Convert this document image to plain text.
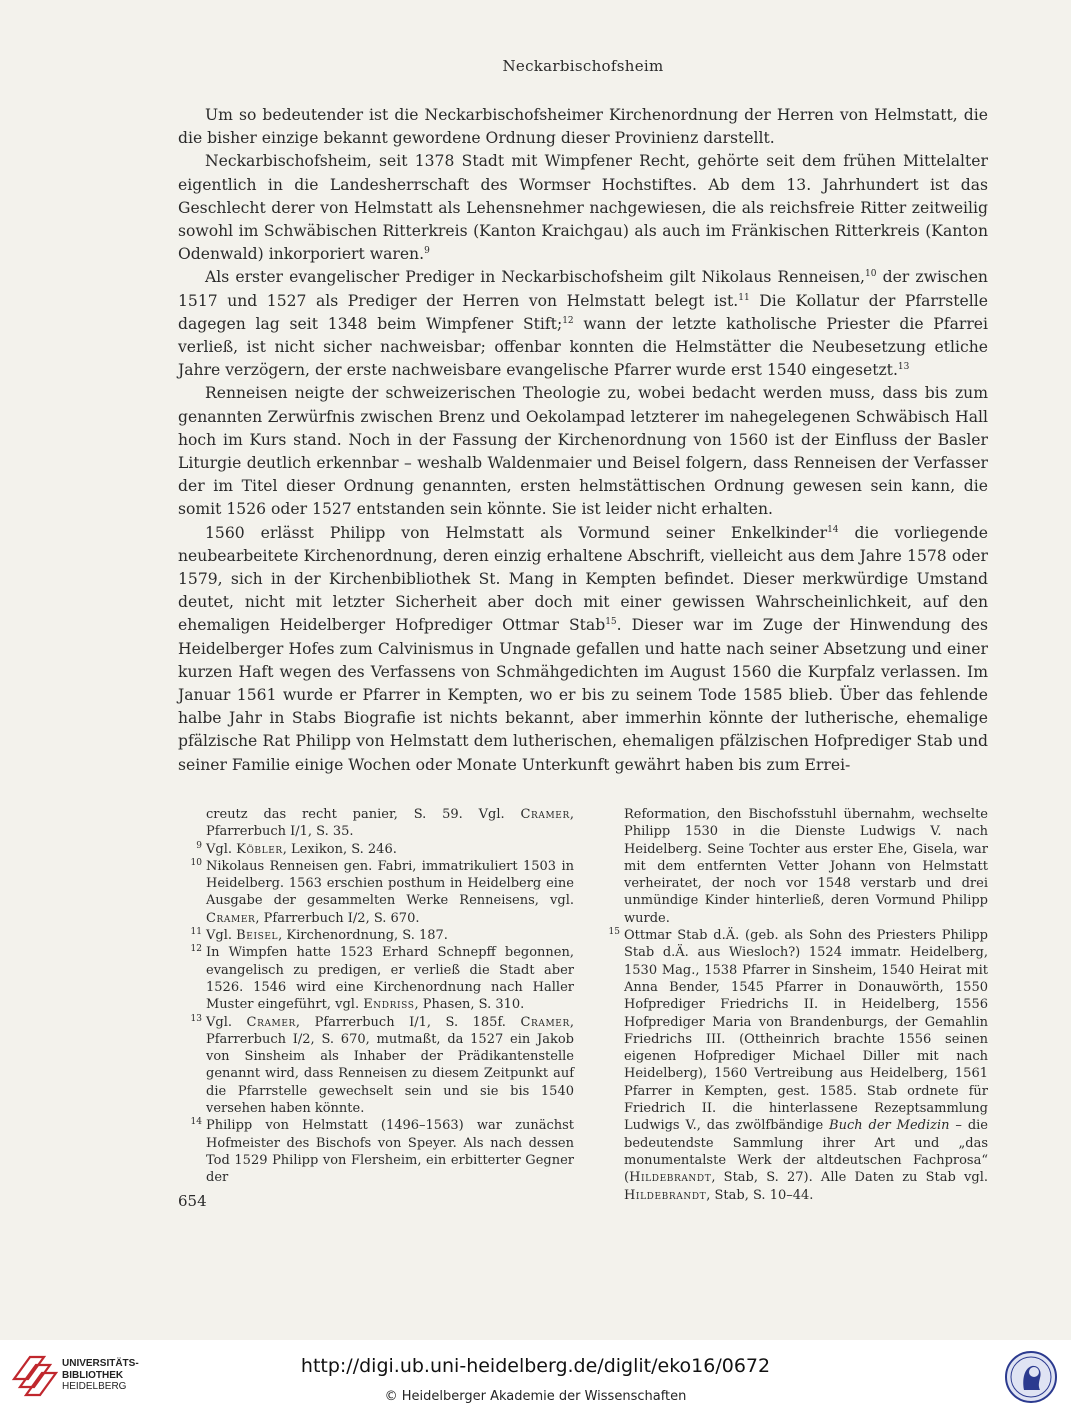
Neckarbischofsheim

Um so bedeutender ist die Neckarbischofsheimer Kirchenordnung der Herren von Helmstatt, die die bisher einzige bekannt gewordene Ordnung dieser Provinienz darstellt.

Neckarbischofsheim, seit 1378 Stadt mit Wimpfener Recht, gehörte seit dem frühen Mittelalter eigentlich in die Landesherrschaft des Wormser Hochstiftes. Ab dem 13. Jahrhundert ist das Geschlecht derer von Helmstatt als Lehensnehmer nachgewiesen, die als reichsfreie Ritter zeitweilig sowohl im Schwäbischen Ritterkreis (Kanton Kraichgau) als auch im Fränkischen Ritterkreis (Kanton Odenwald) inkorporiert waren.$^9$

Als erster evangelischer Prediger in Neckarbischofsheim gilt Nikolaus Renneisen,$^{10}$ der zwischen 1517 und 1527 als Prediger der Herren von Helmstatt belegt ist.$^{11}$ Die Kollatur der Pfarrstelle dagegen lag seit 1348 beim Wimpfener Stift;$^{12}$ wann der letzte katholische Priester die Pfarrei verließ, ist nicht sicher nachweisbar; offenbar konnten die Helmstätter die Neubesetzung etliche Jahre verzögern, der erste nachweisbare evangelische Pfarrer wurde erst 1540 eingesetzt.$^{13}$

Renneisen neigte der schweizerischen Theologie zu, wobei bedacht werden muss, dass bis zum genannten Zerwürfnis zwischen Brenz und Oekolampad letzterer im nahegelegenen Schwäbisch Hall hoch im Kurs stand. Noch in der Fassung der Kirchenordnung von 1560 ist der Einfluss der Basler Liturgie deutlich erkennbar – weshalb Waldenmaier und Beisel folgern, dass Renneisen der Verfasser der im Titel dieser Ordnung genannten, ersten helmstättischen Ordnung gewesen sein kann, die somit 1526 oder 1527 entstanden sein könnte. Sie ist leider nicht erhalten.

1560 erlässt Philipp von Helmstatt als Vormund seiner Enkelkinder$^{14}$ die vorliegende neubearbeitete Kirchenordnung, deren einzig erhaltene Abschrift, vielleicht aus dem Jahre 1578 oder 1579, sich in der Kirchenbibliothek St. Mang in Kempten befindet. Dieser merkwürdige Umstand deutet, nicht mit letzter Sicherheit aber doch mit einer gewissen Wahrscheinlichkeit, auf den ehemaligen Heidelberger Hofprediger Ottmar Stab$^{15}$. Dieser war im Zuge der Hinwendung des Heidelberger Hofes zum Calvinismus in Ungnade gefallen und hatte nach seiner Absetzung und einer kurzen Haft wegen des Verfassens von Schmähgedichten im August 1560 die Kurpfalz verlassen. Im Januar 1561 wurde er Pfarrer in Kempten, wo er bis zu seinem Tode 1585 blieb. Über das fehlende halbe Jahr in Stabs Biografie ist nichts bekannt, aber immerhin könnte der lutherische, ehemalige pfälzische Rat Philipp von Helmstatt dem lutherischen, ehemaligen pfälzischen Hofprediger Stab und seiner Familie einige Wochen oder Monate Unterkunft gewährt haben bis zum Errei-

creutz das recht panier, S. 59. Vgl. Cramer, Pfarrerbuch I/1, S. 35.

9 Vgl. Köbler, Lexikon, S. 246.

10 Nikolaus Renneisen gen. Fabri, immatrikuliert 1503 in Heidelberg. 1563 erschien posthum in Heidelberg eine Ausgabe der gesammelten Werke Renneisens, vgl. Cramer, Pfarrerbuch I/2, S. 670.

11 Vgl. Beisel, Kirchenordnung, S. 187.

12 In Wimpfen hatte 1523 Erhard Schnepff begonnen, evangelisch zu predigen, er verließ die Stadt aber 1526. 1546 wird eine Kirchenordnung nach Haller Muster eingeführt, vgl. Endriss, Phasen, S. 310.

13 Vgl. Cramer, Pfarrerbuch I/1, S. 185f. Cramer, Pfarrerbuch I/2, S. 670, mutmaßt, da 1527 ein Jakob von Sinsheim als Inhaber der Prädikantenstelle genannt wird, dass Renneisen zu diesem Zeitpunkt auf die Pfarrstelle gewechselt sein und sie bis 1540 versehen haben könnte.

14 Philipp von Helmstatt (1496–1563) war zunächst Hofmeister des Bischofs von Speyer. Als nach dessen Tod 1529 Philipp von Flersheim, ein erbitterter Gegner der

Reformation, den Bischofsstuhl übernahm, wechselte Philipp 1530 in die Dienste Ludwigs V. nach Heidelberg. Seine Tochter aus erster Ehe, Gisela, war mit dem entfernten Vetter Johann von Helmstatt verheiratet, der noch vor 1548 verstarb und drei unmündige Kinder hinterließ, deren Vormund Philipp wurde.

15 Ottmar Stab d.Ä. (geb. als Sohn des Priesters Philipp Stab d.Ä. aus Wiesloch?) 1524 immatr. Heidelberg, 1530 Mag., 1538 Pfarrer in Sinsheim, 1540 Heirat mit Anna Bender, 1545 Pfarrer in Donauwörth, 1550 Hofprediger Friedrichs II. in Heidelberg, 1556 Hofprediger Maria von Brandenburgs, der Gemahlin Friedrichs III. (Ottheinrich brachte 1556 seinen eigenen Hofprediger Michael Diller mit nach Heidelberg), 1560 Vertreibung aus Heidelberg, 1561 Pfarrer in Kempten, gest. 1585. Stab ordnete für Friedrich II. die hinterlassene Rezeptsammlung Ludwigs V., das zwölfbändige Buch der Medizin – die bedeutendste Sammlung ihrer Art und „das monumentalste Werk der altdeutschen Fachprosa“ (Hildebrandt, Stab, S. 27). Alle Daten zu Stab vgl. Hildebrandt, Stab, S. 10–44.

654
UNIVERSITÄTS-
BIBLIOTHEK
HEIDELBERG
http://digi.ub.uni-heidelberg.de/diglit/eko16/0672
© Heidelberger Akademie der Wissenschaften
